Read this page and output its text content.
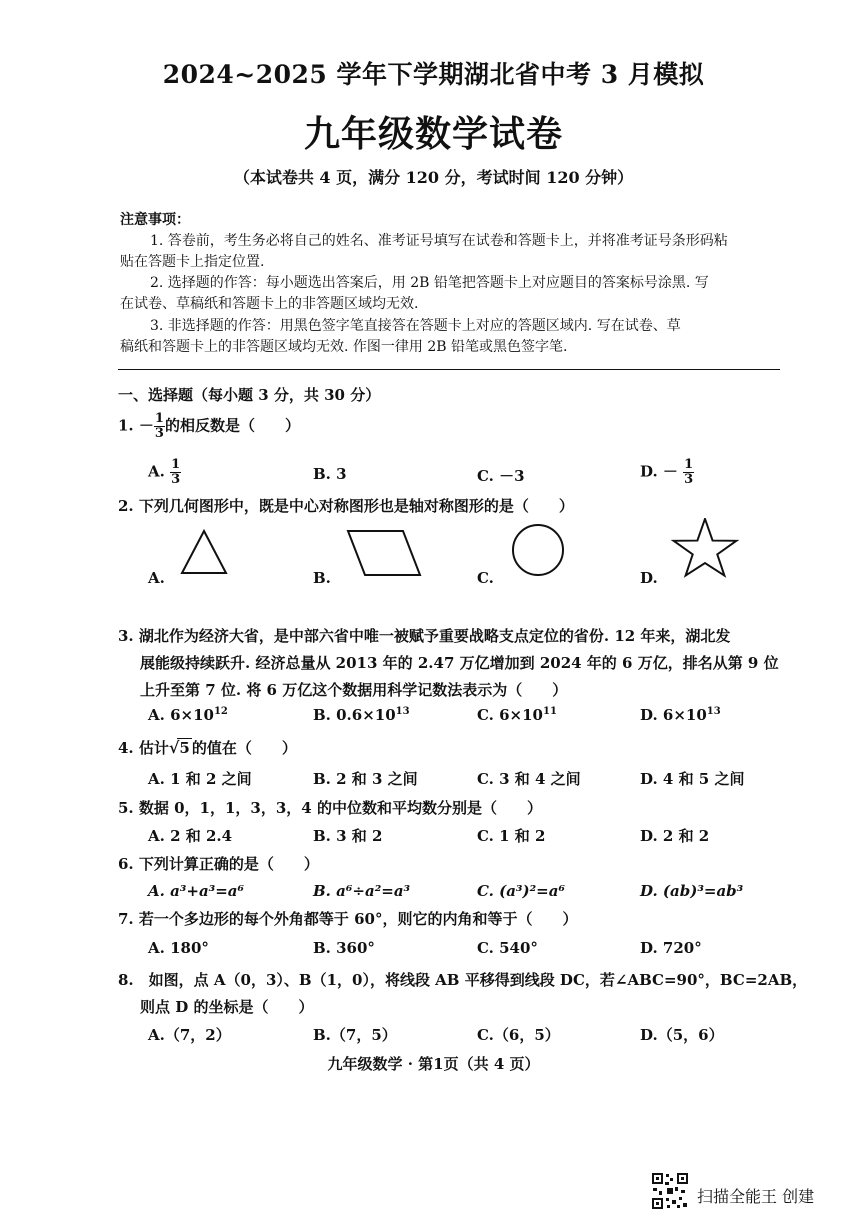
2024~2025 学年下学期湖北省中考 3 月模拟
九年级数学试卷
（本试卷共 4 页，满分 120 分，考试时间 120 分钟）
注意事项：
1. 答卷前，考生务必将自己的姓名、准考证号填写在试卷和答题卡上，并将准考证号条形码粘
贴在答题卡上指定位置.
2. 选择题的作答：每小题选出答案后，用 2B 铅笔把答题卡上对应题目的答案标号涂黑. 写
在试卷、草稿纸和答题卡上的非答题区域均无效.
3. 非选择题的作答：用黑色签字笔直接答在答题卡上对应的答题区域内. 写在试卷、草
稿纸和答题卡上的非答题区域均无效. 作图一律用 2B 铅笔或黑色签字笔.
一、选择题（每小题 3 分，共 30 分）
1. － $\frac{1}{3}$ 的相反数是（　　）
A. $\frac{1}{3}$	B. 3	C. －3	D. － $\frac{1}{3}$
2. 下列几何图形中，既是中心对称图形也是轴对称图形的是（　　）
A.	B.	C.	D.
3. 湖北作为经济大省，是中部六省中唯一被赋予重要战略支点定位的省份. 12 年来，湖北发
展能级持续跃升. 经济总量从 2013 年的 2.47 万亿增加到 2024 年的 6 万亿，排名从第 9 位
上升至第 7 位. 将 6 万亿这个数据用科学记数法表示为（　　）
A. $6\times 10^{12}$	B. $0.6\times 10^{13}$	C. $6\times 10^{11}$	D. $6\times 10^{13}$
4. 估计√5 的值在（　　）
A. 1 和 2 之间	B. 2 和 3 之间	C. 3 和 4 之间	D. 4 和 5 之间
5. 数据 0，1，1，3，3，4 的中位数和平均数分别是（　　）
A. 2 和 2.4	B. 3 和 2	C. 1 和 2	D. 2 和 2
6. 下列计算正确的是（　　）
A. a³+a³=a⁶	B. a⁶÷a²=a³	C. (a³)²=a⁶	D. (ab)³=ab³
7. 若一个多边形的每个外角都等于 60°，则它的内角和等于（　　）
A. 180°	B. 360°	C. 540°	D. 720°
8.　如图，点 A（0，3）、B（1，0），将线段 AB 平移得到线段 DC，若∠ABC=90°，BC=2AB，
则点 D 的坐标是（　　）
A.（7，2）	B.（7，5）	C.（6，5）	D.（5，6）
九年级数学 · 第1页（共 4 页）
扫描全能王 创建
